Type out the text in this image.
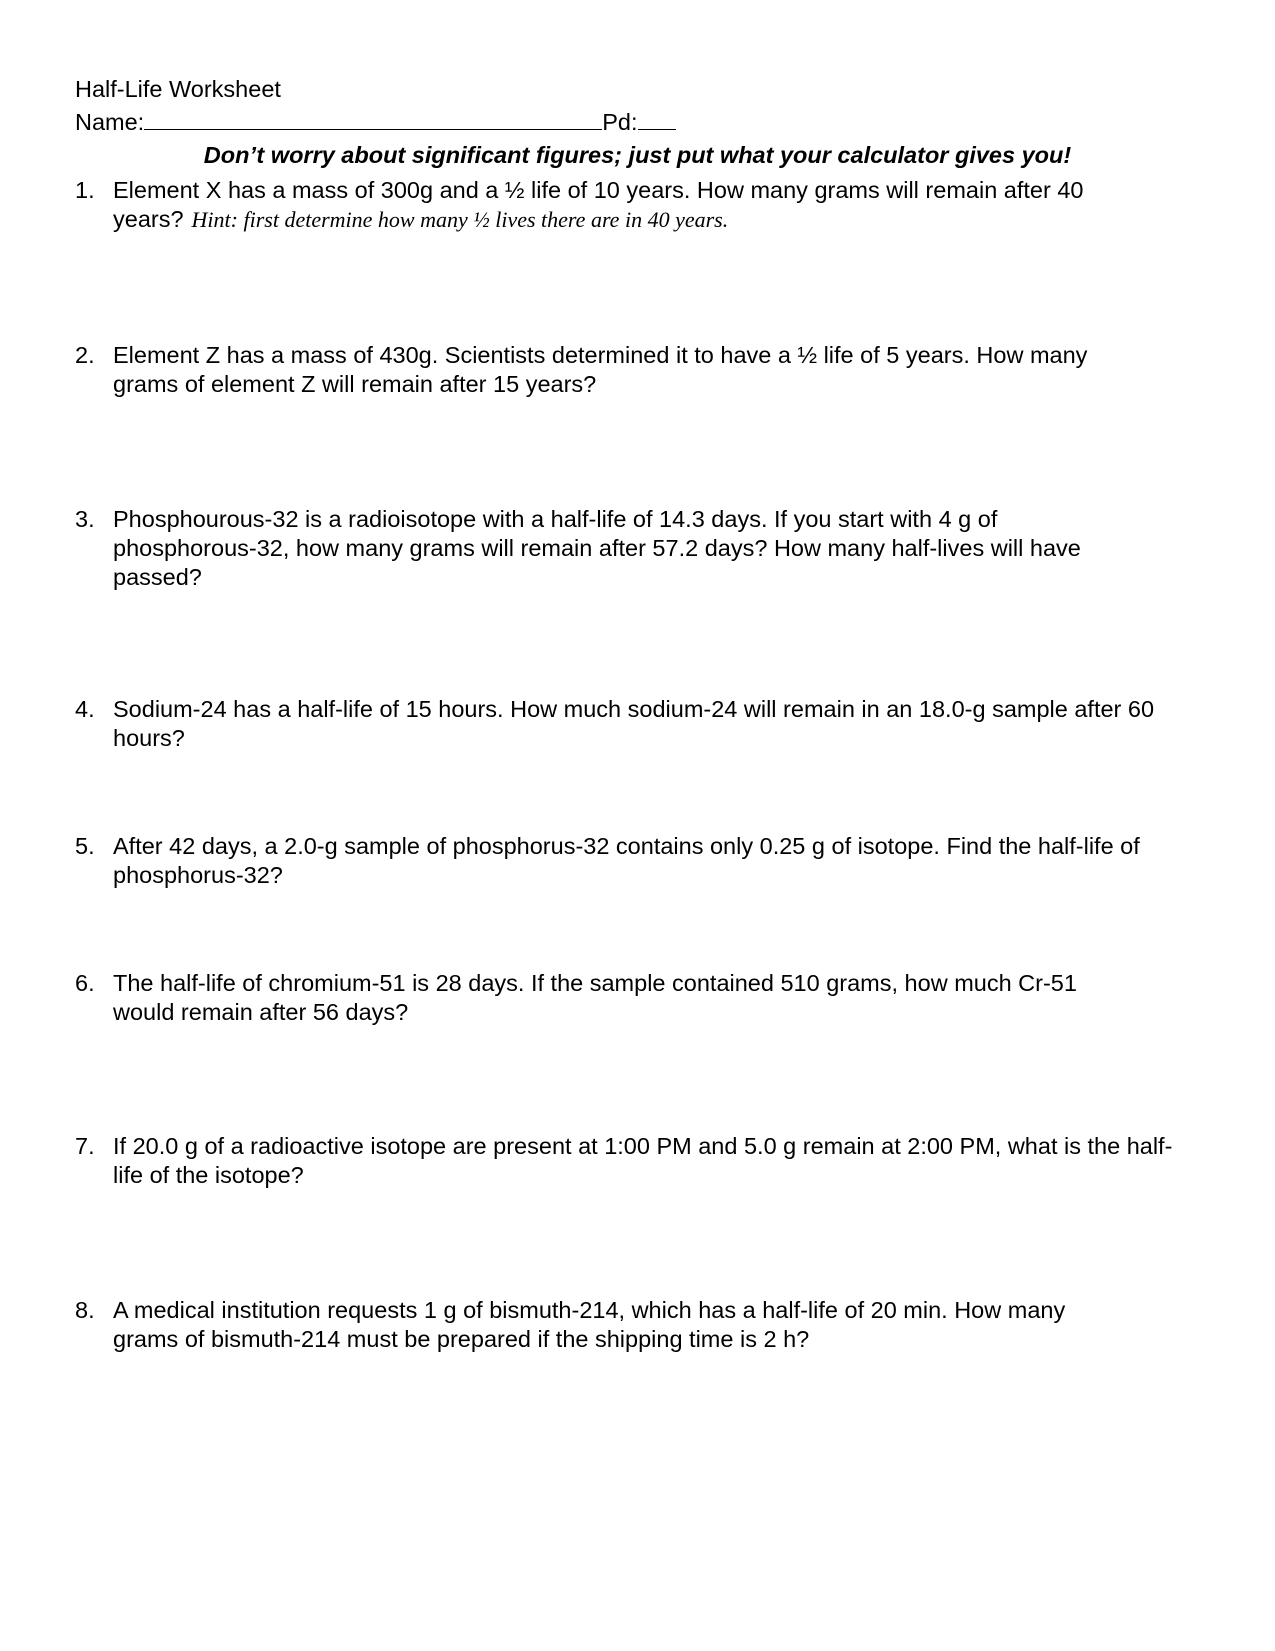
Half-Life Worksheet
Name:	Pd:
Don’t worry about significant figures; just put what your calculator gives you!
1. Element X has a mass of 300g and a ½ life of 10 years. How many grams will remain after 40 years? Hint: first determine how many ½ lives there are in 40 years.
2. Element Z has a mass of 430g. Scientists determined it to have a ½ life of 5 years. How many grams of element Z will remain after 15 years?
3. Phosphourous-32 is a radioisotope with a half-life of 14.3 days. If you start with 4 g of phosphorous-32, how many grams will remain after 57.2 days? How many half-lives will have passed?
4. Sodium-24 has a half-life of 15 hours. How much sodium-24 will remain in an 18.0-g sample after 60 hours?
5. After 42 days, a 2.0-g sample of phosphorus-32 contains only 0.25 g of isotope. Find the half-life of phosphorus-32?
6. The half-life of chromium-51 is 28 days. If the sample contained 510 grams, how much Cr-51 would remain after 56 days?
7. If 20.0 g of a radioactive isotope are present at 1:00 PM and 5.0 g remain at 2:00 PM, what is the half-life of the isotope?
8. A medical institution requests 1 g of bismuth-214, which has a half-life of 20 min. How many grams of bismuth-214 must be prepared if the shipping time is 2 h?
